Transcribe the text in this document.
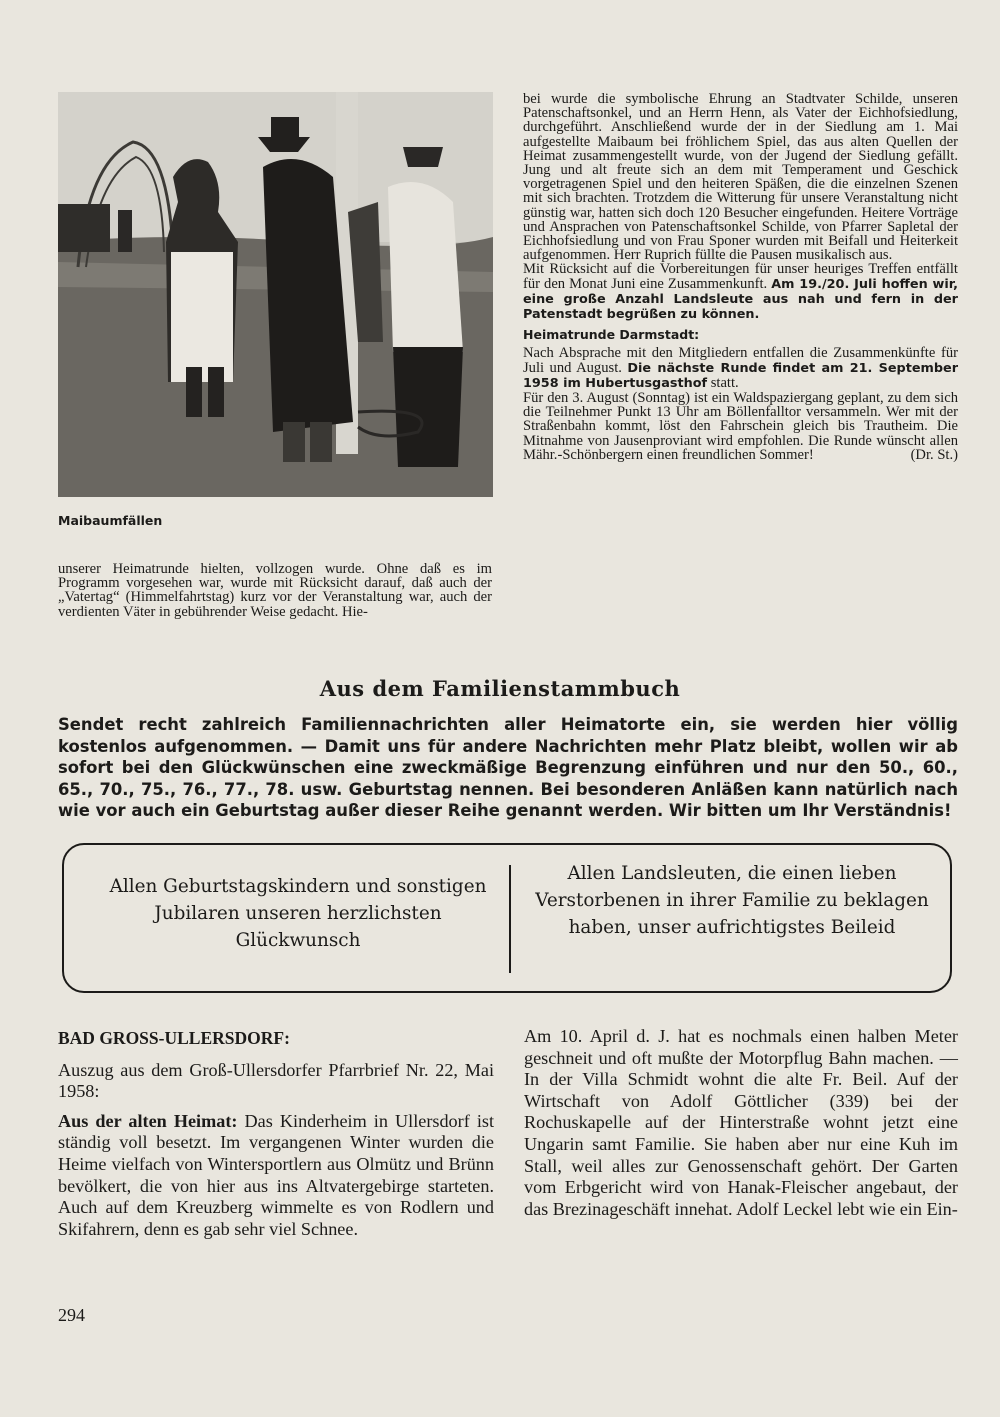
Maibaumfällen

unserer Heimatrunde hielten, vollzogen wurde. Ohne daß es im Programm vorgesehen war, wurde mit Rücksicht darauf, daß auch der „Vatertag“ (Himmelfahrtstag) kurz vor der Veranstaltung war, auch der verdienten Väter in gebührender Weise gedacht. Hie-

bei wurde die symbolische Ehrung an Stadtvater Schilde, unseren Patenschaftsonkel, und an Herrn Henn, als Vater der Eichhofsiedlung, durchgeführt. Anschließend wurde der in der Siedlung am 1. Mai aufgestellte Maibaum bei fröhlichem Spiel, das aus alten Quellen der Heimat zusammengestellt wurde, von der Jugend der Siedlung gefällt. Jung und alt freute sich an dem mit Temperament und Geschick vorgetragenen Spiel und den heiteren Späßen, die die einzelnen Szenen mit sich brachten. Trotzdem die Witterung für unsere Veranstaltung nicht günstig war, hatten sich doch 120 Besucher eingefunden. Heitere Vorträge und Ansprachen von Patenschaftsonkel Schilde, von Pfarrer Sapletal der Eichhofsiedlung und von Frau Sponer wurden mit Beifall und Heiterkeit aufgenommen. Herr Ruprich füllte die Pausen musikalisch aus.

Mit Rücksicht auf die Vorbereitungen für unser heuriges Treffen entfällt für den Monat Juni eine Zusammenkunft. Am 19./20. Juli hoffen wir, eine große Anzahl Landsleute aus nah und fern in der Patenstadt begrüßen zu können.

Heimatrunde Darmstadt:

Nach Absprache mit den Mitgliedern entfallen die Zusammenkünfte für Juli und August. Die nächste Runde findet am 21. September 1958 im Hubertusgasthof statt.

Für den 3. August (Sonntag) ist ein Waldspaziergang geplant, zu dem sich die Teilnehmer Punkt 13 Uhr am Böllenfalltor versammeln. Wer mit der Straßenbahn kommt, löst den Fahrschein gleich bis Trautheim. Die Mitnahme von Jausenproviant wird empfohlen. Die Runde wünscht allen Mähr.-Schönbergern einen freundlichen Sommer!	(Dr. St.)

Aus dem Familienstammbuch
Sendet recht zahlreich Familiennachrichten aller Heimatorte ein, sie werden hier völlig kostenlos aufgenommen. — Damit uns für andere Nachrichten mehr Platz bleibt, wollen wir ab sofort bei den Glückwünschen eine zweckmäßige Begrenzung einführen und nur den 50., 60., 65., 70., 75., 76., 77., 78. usw. Geburtstag nennen. Bei besonderen Anläßen kann natürlich nach wie vor auch ein Geburtstag außer dieser Reihe genannt werden. Wir bitten um Ihr Verständnis!
Allen Geburtstagskindern und sonstigen Jubilaren unseren herzlichsten Glückwunsch
Allen Landsleuten, die einen lieben Verstorbenen in ihrer Familie zu beklagen haben, unser aufrichtigstes Beileid

BAD GROSS-ULLERSDORF:

Auszug aus dem Groß-Ullersdorfer Pfarrbrief Nr. 22, Mai 1958:

Aus der alten Heimat: Das Kinderheim in Ullersdorf ist ständig voll besetzt. Im vergangenen Winter wurden die Heime vielfach von Wintersportlern aus Olmütz und Brünn bevölkert, die von hier aus ins Altvatergebirge starteten. Auch auf dem Kreuzberg wimmelte es von Rodlern und Skifahrern, denn es gab sehr viel Schnee.

Am 10. April d. J. hat es nochmals einen halben Meter geschneit und oft mußte der Motorpflug Bahn machen. — In der Villa Schmidt wohnt die alte Fr. Beil. Auf der Wirtschaft von Adolf Göttlicher (339) bei der Rochuskapelle auf der Hinterstraße wohnt jetzt eine Ungarin samt Familie. Sie haben aber nur eine Kuh im Stall, weil alles zur Genossenschaft gehört. Der Garten vom Erbgericht wird von Hanak-Fleischer angebaut, der das Brezinageschäft innehat. Adolf Leckel lebt wie ein Ein-

294
